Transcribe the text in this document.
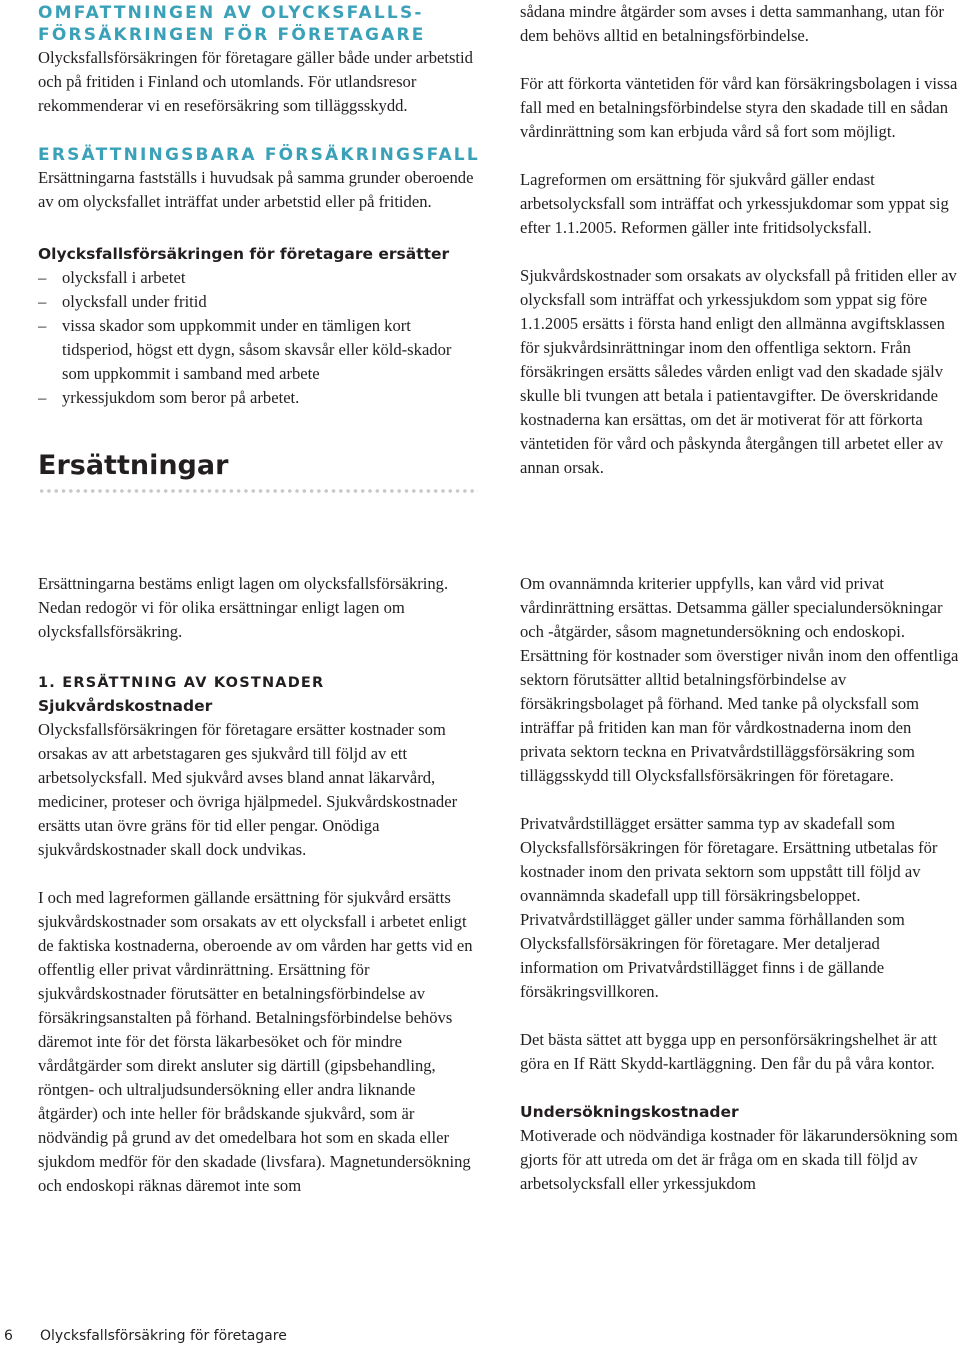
OMFATTNINGEN AV OLYCKSFALLS-
FÖRSÄKRINGEN FÖR FÖRETAGARE

Olycksfallsförsäkringen för företagare gäller både under arbetstid och på fritiden i Finland och utomlands. För utlandsresor rekommenderar vi en reseförsäkring som tilläggsskydd.

ERSÄTTNINGSBARA FÖRSÄKRINGSFALL

Ersättningarna fastställs i huvudsak på samma grunder oberoende av om olycksfallet inträffat under arbetstid eller på fritiden.

Olycksfallsförsäkringen för företagare ersätter
– olycksfall i arbetet
– olycksfall under fritid
– vissa skador som uppkommit under en tämligen kort tidsperiod, högst ett dygn, såsom skavsår eller köld-skador som uppkommit i samband med arbete
– yrkessjukdom som beror på arbetet.
Ersättningar

sådana mindre åtgärder som avses i detta sammanhang, utan för dem behövs alltid en betalningsförbindelse.

För att förkorta väntetiden för vård kan försäkringsbolagen i vissa fall med en betalningsförbindelse styra den skadade till en sådan vårdinrättning som kan erbjuda vård så fort som möjligt.

Lagreformen om ersättning för sjukvård gäller endast arbetsolycksfall som inträffat och yrkessjukdomar som yppat sig efter 1.1.2005. Reformen gäller inte fritidsolycksfall.

Sjukvårdskostnader som orsakats av olycksfall på fritiden eller av olycksfall som inträffat och yrkessjukdom som yppat sig före 1.1.2005 ersätts i första hand enligt den allmänna avgiftsklassen för sjukvårdsinrättningar inom den offentliga sektorn. Från försäkringen ersätts således vården enligt vad den skadade själv skulle bli tvungen att betala i patientavgifter. De överskridande kostnaderna kan ersättas, om det är motiverat för att förkorta väntetiden för vård och påskynda återgången till arbetet eller av annan orsak.

Ersättningarna bestäms enligt lagen om olycksfallsförsäkring. Nedan redogör vi för olika ersättningar enligt lagen om olycksfallsförsäkring.

1. ERSÄTTNING AV KOSTNADER
Sjukvårdskostnader

Olycksfallsförsäkringen för företagare ersätter kostnader som orsakas av att arbetstagaren ges sjukvård till följd av ett arbetsolycksfall. Med sjukvård avses bland annat läkarvård, mediciner, proteser och övriga hjälpmedel. Sjukvårdskostnader ersätts utan övre gräns för tid eller pengar. Onödiga sjukvårdskostnader skall dock undvikas.

I och med lagreformen gällande ersättning för sjukvård ersätts sjukvårdskostnader som orsakats av ett olycksfall i arbetet enligt de faktiska kostnaderna, oberoende av om vården har getts vid en offentlig eller privat vårdinrättning. Ersättning för sjukvårdskostnader förutsätter en betalningsförbindelse av försäkringsanstalten på förhand. Betalningsförbindelse behövs däremot inte för det första läkarbesöket och för mindre vårdåtgärder som direkt ansluter sig därtill (gipsbehandling, röntgen- och ultraljudsundersökning eller andra liknande åtgärder) och inte heller för brådskande sjukvård, som är nödvändig på grund av det omedelbara hot som en skada eller sjukdom medför för den skadade (livsfara). Magnetundersökning och endoskopi räknas däremot inte som

Om ovannämnda kriterier uppfylls, kan vård vid privat vårdinrättning ersättas. Detsamma gäller specialundersökningar och -åtgärder, såsom magnetundersökning och endoskopi. Ersättning för kostnader som överstiger nivån inom den offentliga sektorn förutsätter alltid betalningsförbindelse av försäkringsbolaget på förhand. Med tanke på olycksfall som inträffar på fritiden kan man för vårdkostnaderna inom den privata sektorn teckna en Privatvårdstilläggsförsäkring som tilläggsskydd till Olycksfallsförsäkringen för företagare.

Privatvårdstillägget ersätter samma typ av skadefall som Olycksfallsförsäkringen för företagare. Ersättning utbetalas för kostnader inom den privata sektorn som uppstått till följd av ovannämnda skadefall upp till försäkringsbeloppet. Privatvårdstillägget gäller under samma förhållanden som Olycksfallsförsäkringen för företagare. Mer detaljerad information om Privatvårdstillägget finns i de gällande försäkringsvillkoren.

Det bästa sättet att bygga upp en personförsäkringshelhet är att göra en If Rätt Skydd-kartläggning. Den får du på våra kontor.

Undersökningskostnader

Motiverade och nödvändiga kostnader för läkarundersökning som gjorts för att utreda om det är fråga om en skada till följd av arbetsolycksfall eller yrkessjukdom

6 Olycksfallsförsäkring för företagare
